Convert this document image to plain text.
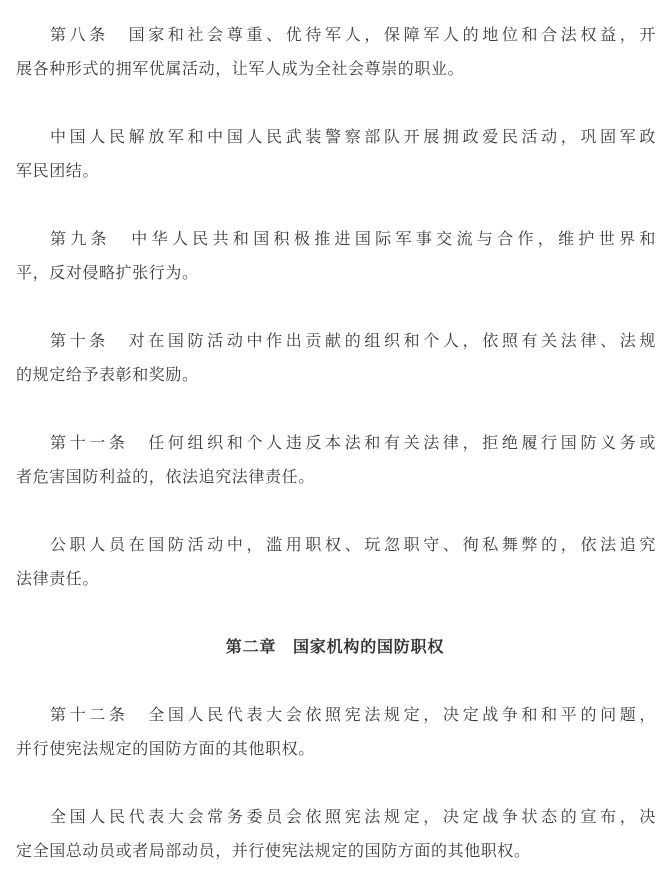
第八条　国家和社会尊重、优待军人，保障军人的地位和合法权益，开
展各种形式的拥军优属活动，让军人成为全社会尊崇的职业。

中国人民解放军和中国人民武装警察部队开展拥政爱民活动，巩固军政
军民团结。

第九条　中华人民共和国积极推进国际军事交流与合作，维护世界和
平，反对侵略扩张行为。

第十条　对在国防活动中作出贡献的组织和个人，依照有关法律、法规
的规定给予表彰和奖励。

第十一条　任何组织和个人违反本法和有关法律，拒绝履行国防义务或
者危害国防利益的，依法追究法律责任。

公职人员在国防活动中，滥用职权、玩忽职守、徇私舞弊的，依法追究
法律责任。

第二章　国家机构的国防职权

第十二条　全国人民代表大会依照宪法规定，决定战争和和平的问题，
并行使宪法规定的国防方面的其他职权。

全国人民代表大会常务委员会依照宪法规定，决定战争状态的宣布，决
定全国总动员或者局部动员，并行使宪法规定的国防方面的其他职权。
